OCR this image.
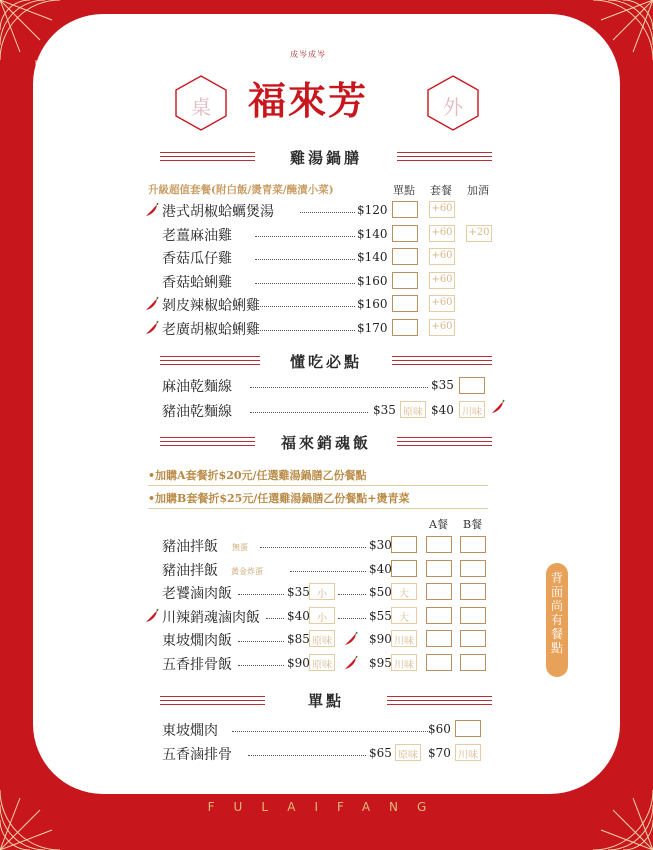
FULAIFANG
桌	外
成岑成岑
福來芳
雞湯鍋膳
升級超值套餐(附白飯/燙青菜/醃漬小菜)	單點 套餐 加酒
懂吃必點
麻油乾麵線	$35
豬油乾麵線	$35 原味 $40 川味
福來銷魂飯
•加購A套餐折$20元/任選雞湯鍋膳乙份餐點
•加購B套餐折$25元/任選雞湯鍋膳乙份餐點+燙青菜
A餐 B餐
單點
東坡燗肉	$60
五香滷排骨	$65 原味 $70 川味
背面尚有餐點
港式胡椒蛤蠣煲湯	$120	+60
老薑麻油雞	$140	+60 +20
香菇瓜仔雞	$140	+60
香菇蛤蜊雞	$160	+60
剝皮辣椒蛤蜊雞	$160	+60
老廣胡椒蛤蜊雞	$170	+60
豬油拌飯 無蛋	$30
豬油拌飯 黃金炸蛋	$40
老饕滷肉飯	$35 小	$50 大
川辣銷魂滷肉飯 $40 小	$55 大
東坡燗肉飯	$85 原味	$90 川味
五香排骨飯	$90 原味	$95 川味
